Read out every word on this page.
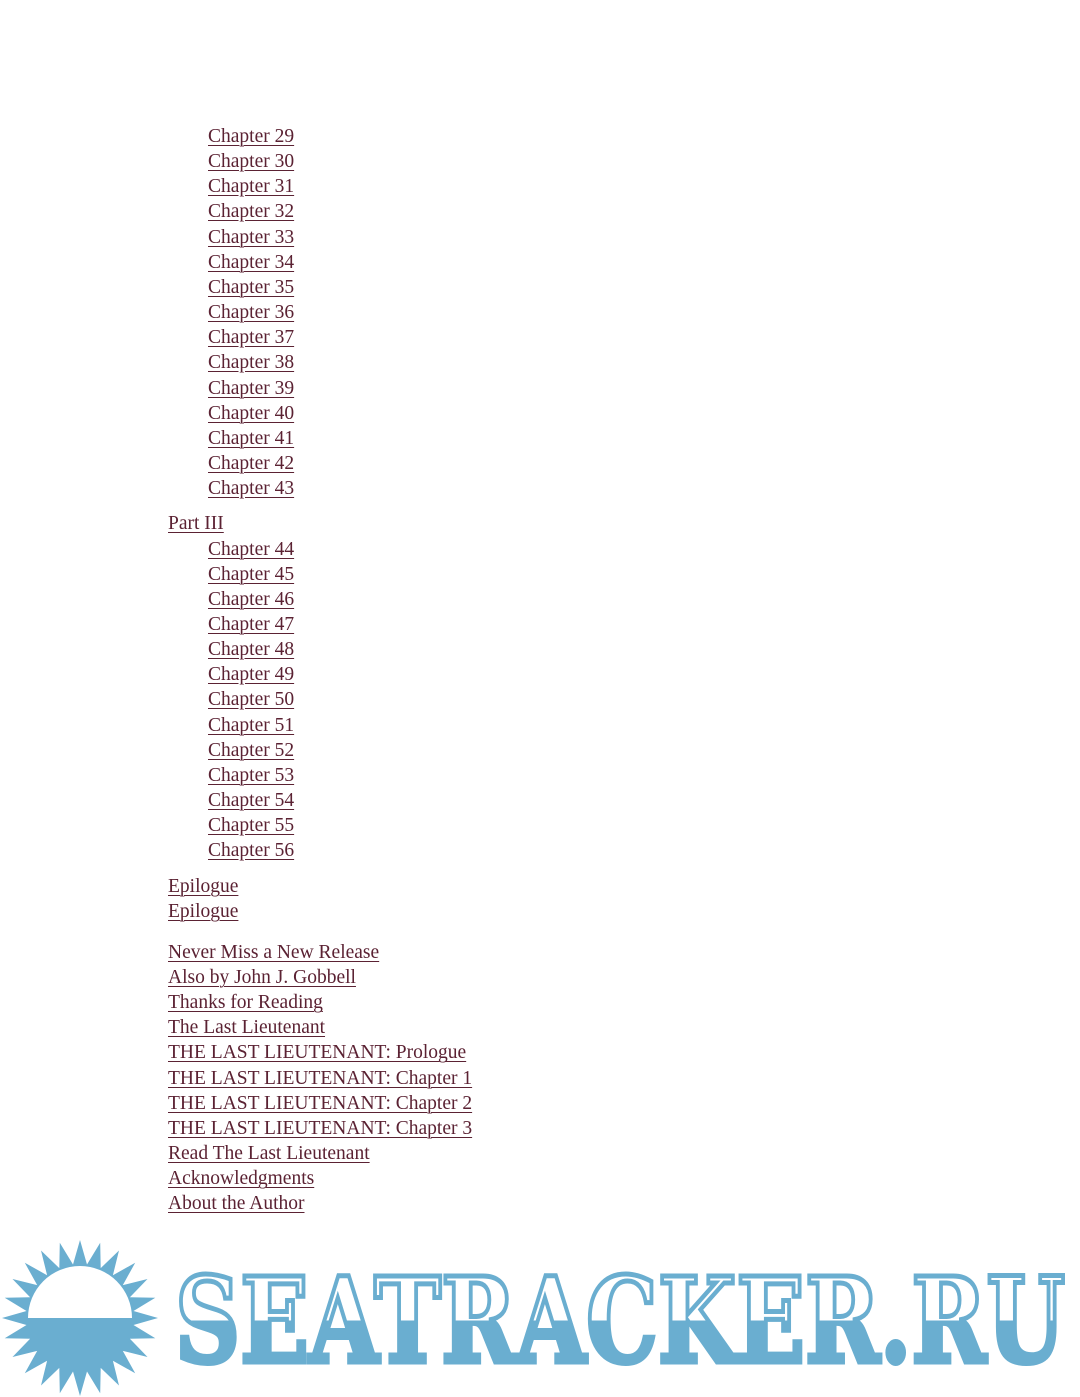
Chapter 29
Chapter 30
Chapter 31
Chapter 32
Chapter 33
Chapter 34
Chapter 35
Chapter 36
Chapter 37
Chapter 38
Chapter 39
Chapter 40
Chapter 41
Chapter 42
Chapter 43
Part III
Chapter 44
Chapter 45
Chapter 46
Chapter 47
Chapter 48
Chapter 49
Chapter 50
Chapter 51
Chapter 52
Chapter 53
Chapter 54
Chapter 55
Chapter 56
Epilogue
Epilogue
Never Miss a New Release
Also by John J. Gobbell
Thanks for Reading
The Last Lieutenant
THE LAST LIEUTENANT: Prologue
THE LAST LIEUTENANT: Chapter 1
THE LAST LIEUTENANT: Chapter 2
THE LAST LIEUTENANT: Chapter 3
Read The Last Lieutenant
Acknowledgments
About the Author
SEATRACKER.RU
